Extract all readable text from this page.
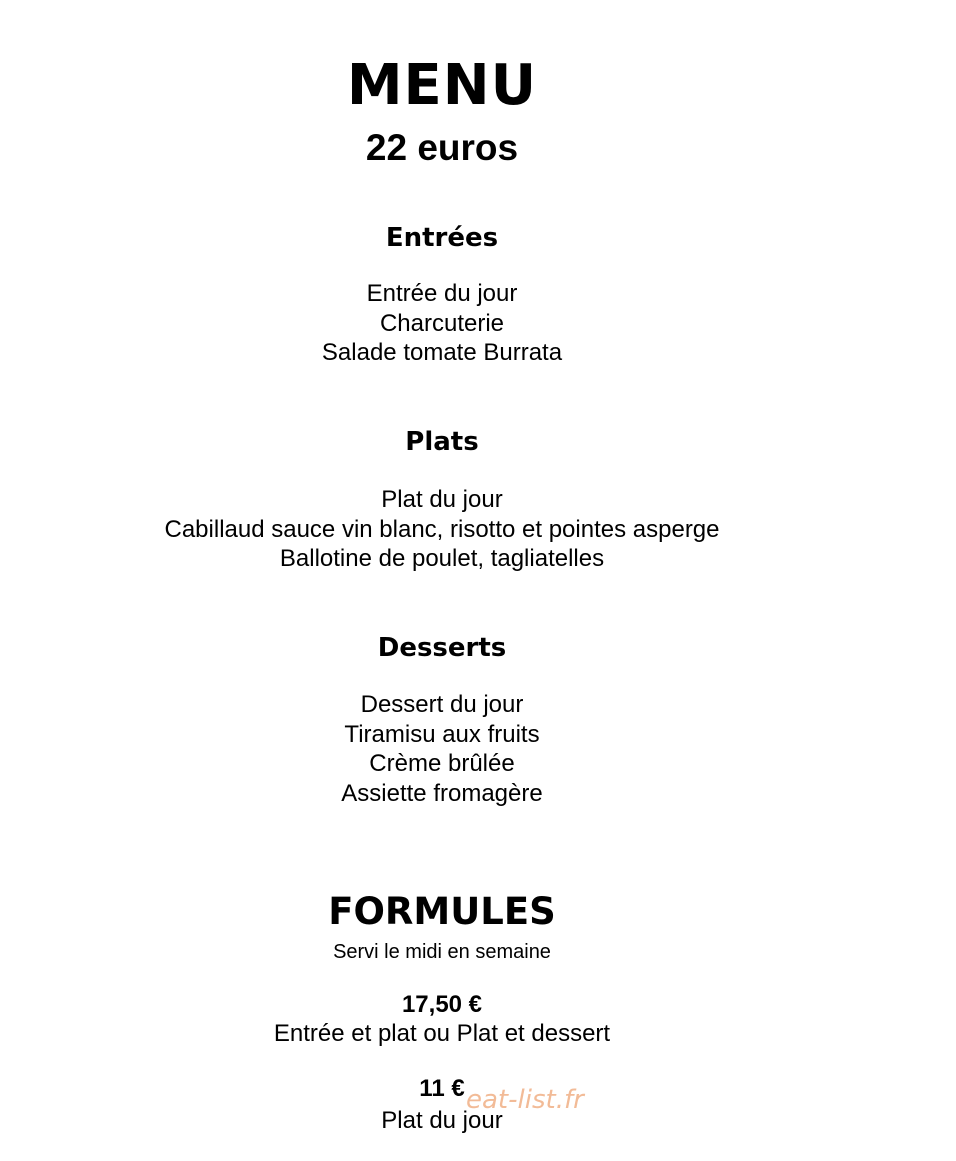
MENU
22 euros
Entrées
Entrée du jour
Charcuterie
Salade tomate Burrata
Plats
Plat du jour
Cabillaud sauce vin blanc, risotto et pointes asperge
Ballotine de poulet, tagliatelles
Desserts
Dessert du jour
Tiramisu aux fruits
Crème brûlée
Assiette fromagère
FORMULES
Servi le midi en semaine
17,50 €
Entrée et plat ou Plat et dessert
11 €
Plat du jour
eat-list.fr
